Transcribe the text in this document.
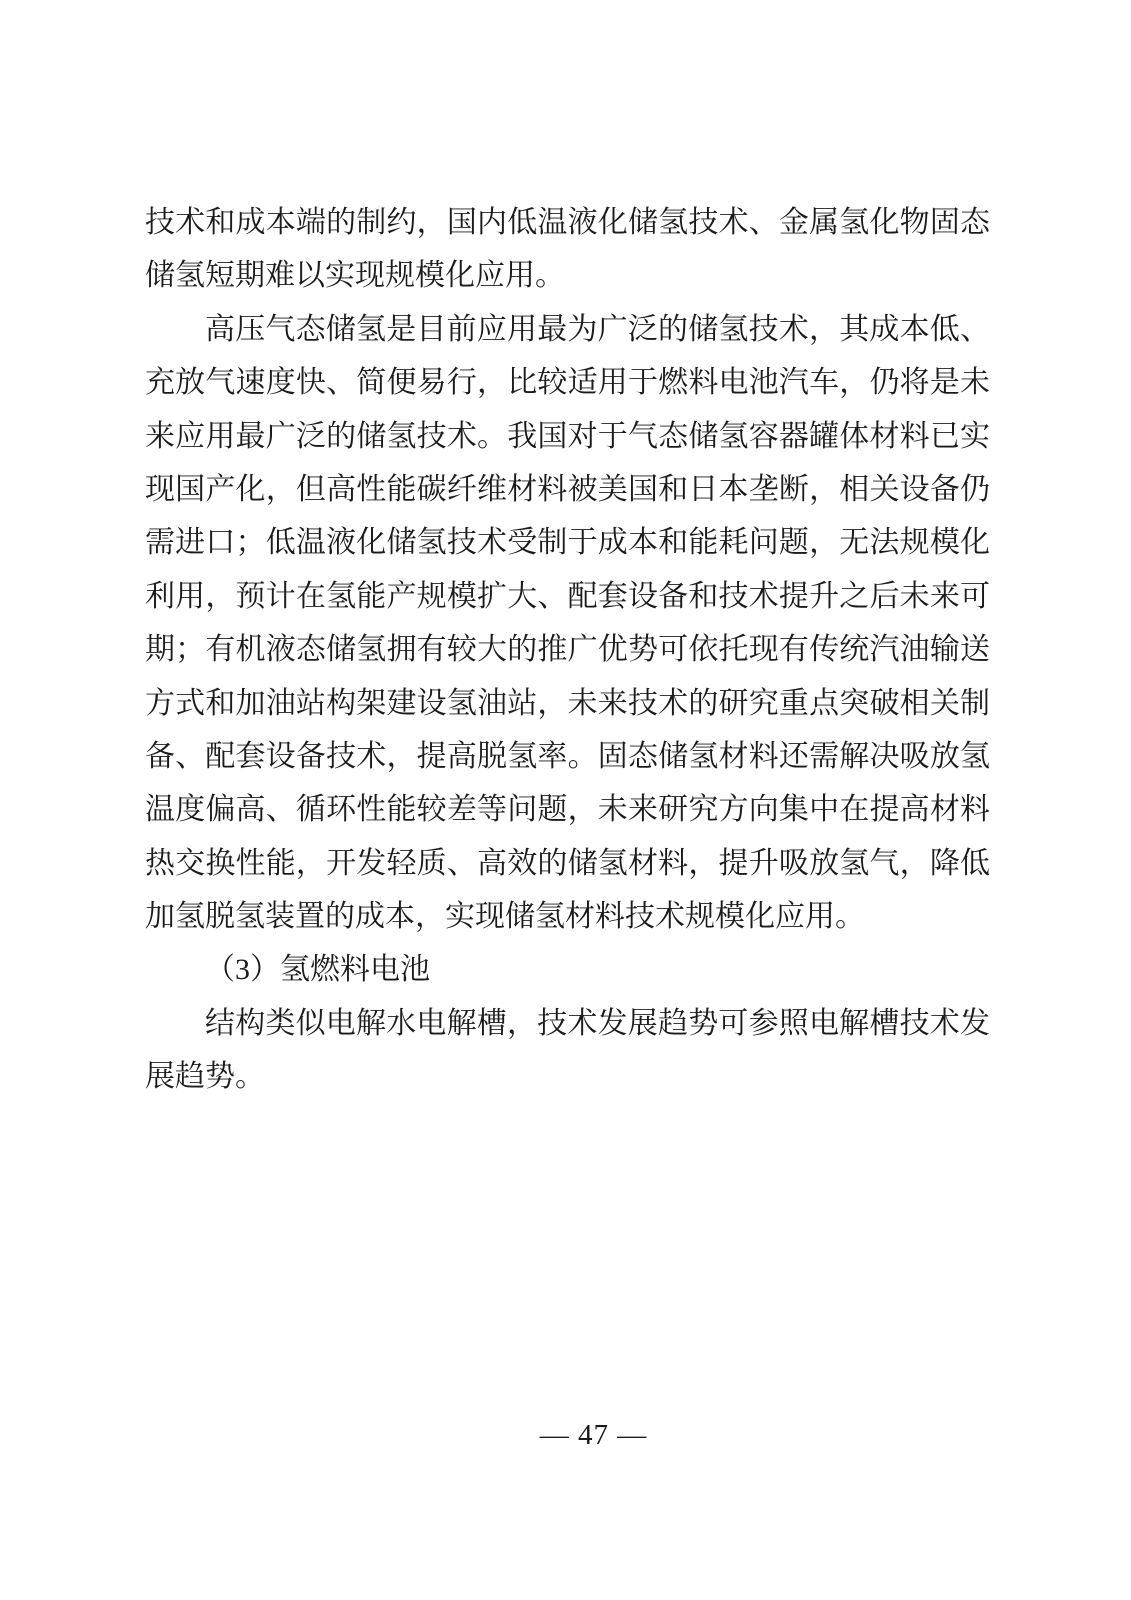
技术和成本端的制约，国内低温液化储氢技术、金属氢化物固态
储氢短期难以实现规模化应用。
高压气态储氢是目前应用最为广泛的储氢技术，其成本低、
充放气速度快、简便易行，比较适用于燃料电池汽车，仍将是未
来应用最广泛的储氢技术。我国对于气态储氢容器罐体材料已实
现国产化，但高性能碳纤维材料被美国和日本垄断，相关设备仍
需进口；低温液化储氢技术受制于成本和能耗问题，无法规模化
利用，预计在氢能产规模扩大、配套设备和技术提升之后未来可
期；有机液态储氢拥有较大的推广优势可依托现有传统汽油输送
方式和加油站构架建设氢油站，未来技术的研究重点突破相关制
备、配套设备技术，提高脱氢率。固态储氢材料还需解决吸放氢
温度偏高、循环性能较差等问题，未来研究方向集中在提高材料
热交换性能，开发轻质、高效的储氢材料，提升吸放氢气，降低
加氢脱氢装置的成本，实现储氢材料技术规模化应用。
（3）氢燃料电池
结构类似电解水电解槽，技术发展趋势可参照电解槽技术发
展趋势。
— 47 —
